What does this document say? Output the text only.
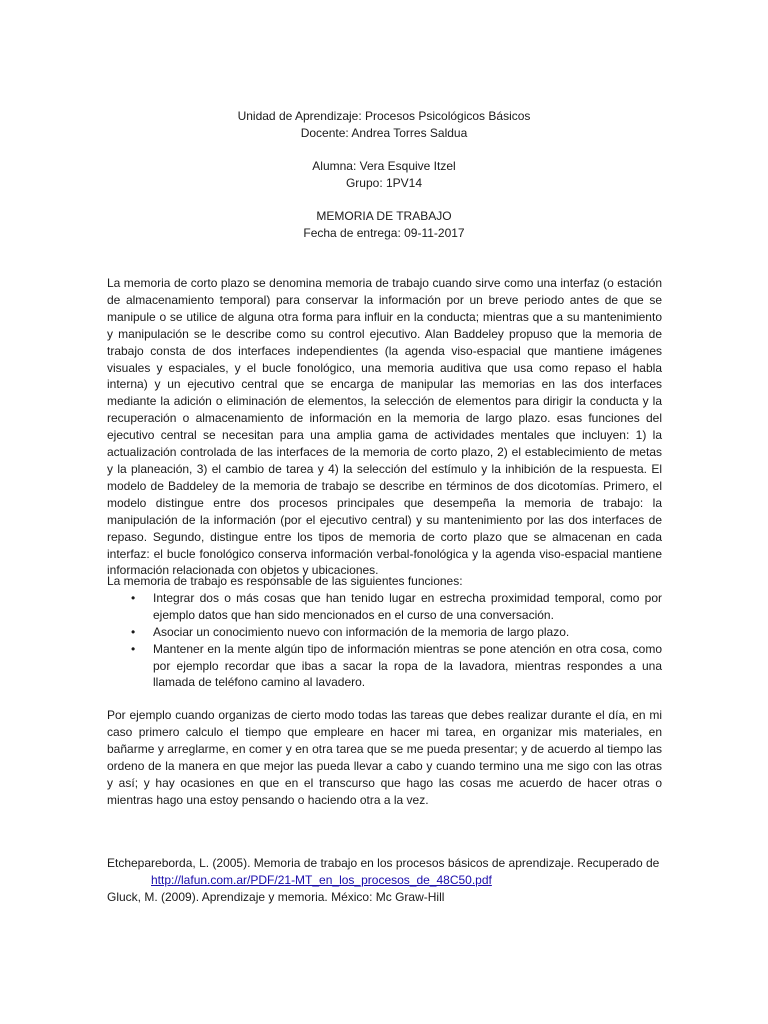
Unidad de Aprendizaje: Procesos Psicológicos Básicos
Docente: Andrea Torres Saldua
Alumna: Vera Esquive Itzel
Grupo: 1PV14
MEMORIA DE TRABAJO
Fecha de entrega: 09-11-2017
La memoria de corto plazo se denomina memoria de trabajo cuando sirve como una interfaz (o estación de almacenamiento temporal) para conservar la información por un breve periodo antes de que se manipule o se utilice de alguna otra forma para influir en la conducta; mientras que a su mantenimiento y manipulación se le describe como su control ejecutivo. Alan Baddeley propuso que la memoria de trabajo consta de dos interfaces independientes (la agenda viso-espacial que mantiene imágenes visuales y espaciales, y el bucle fonológico, una memoria auditiva que usa como repaso el habla interna) y un ejecutivo central que se encarga de manipular las memorias en las dos interfaces mediante la adición o eliminación de elementos, la selección de elementos para dirigir la conducta y la recuperación o almacenamiento de información en la memoria de largo plazo. esas funciones del ejecutivo central se necesitan para una amplia gama de actividades mentales que incluyen: 1) la actualización controlada de las interfaces de la memoria de corto plazo, 2) el establecimiento de metas y la planeación, 3) el cambio de tarea y 4) la selección del estímulo y la inhibición de la respuesta. El modelo de Baddeley de la memoria de trabajo se describe en términos de dos dicotomías. Primero, el modelo distingue entre dos procesos principales que desempeña la memoria de trabajo: la manipulación de la información (por el ejecutivo central) y su mantenimiento por las dos interfaces de repaso. Segundo, distingue entre los tipos de memoria de corto plazo que se almacenan en cada interfaz: el bucle fonológico conserva información verbal-fonológica y la agenda viso-espacial mantiene información relacionada con objetos y ubicaciones.
La memoria de trabajo es responsable de las siguientes funciones:
• Integrar dos o más cosas que han tenido lugar en estrecha proximidad temporal, como por ejemplo datos que han sido mencionados en el curso de una conversación.
• Asociar un conocimiento nuevo con información de la memoria de largo plazo.
• Mantener en la mente algún tipo de información mientras se pone atención en otra cosa, como por ejemplo recordar que ibas a sacar la ropa de la lavadora, mientras respondes a una llamada de teléfono camino al lavadero.
Por ejemplo cuando organizas de cierto modo todas las tareas que debes realizar durante el día, en mi caso primero calculo el tiempo que empleare en hacer mi tarea, en organizar mis materiales, en bañarme y arreglarme, en comer y en otra tarea que se me pueda presentar; y de acuerdo al tiempo las ordeno de la manera en que mejor las pueda llevar a cabo y cuando termino una me sigo con las otras y así; y hay ocasiones en que en el transcurso que hago las cosas me acuerdo de hacer otras o mientras hago una estoy pensando o haciendo otra a la vez.
Etchepareborda, L. (2005). Memoria de trabajo en los procesos básicos de aprendizaje. Recuperado de
http://lafun.com.ar/PDF/21-MT_en_los_procesos_de_48C50.pdf
Gluck, M. (2009). Aprendizaje y memoria. México: Mc Graw-Hill
